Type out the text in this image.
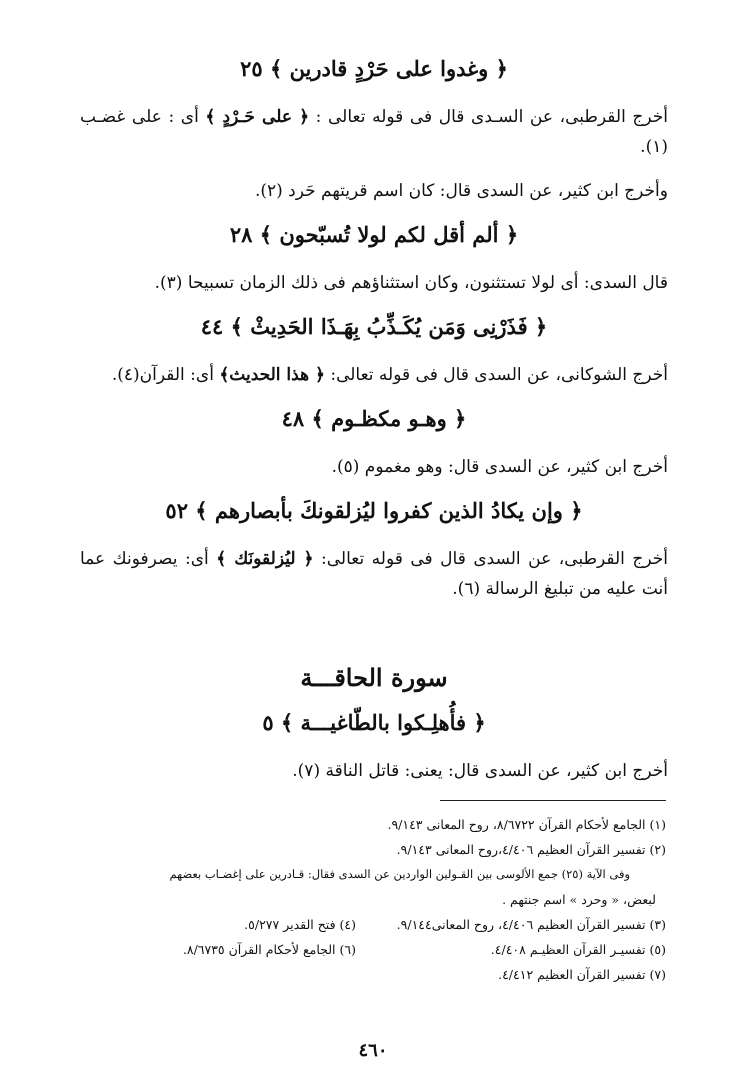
﴿ وغدوا على حَرْدٍ قادرين ﴾ ٢٥

أخرج القرطبى، عن السـدى قال فى قوله تعالى : ﴿ على حَـرْدٍ ﴾ أى : على غضـب (١).

وأخرج ابن كثير، عن السدى قال: كان اسم قريتهم حَرد (٢).

﴿ ألم أقل لكم لولا تُسبّحون ﴾ ٢٨

قال السدى: أى لولا تستثنون، وكان استثناؤهم فى ذلك الزمان تسبيحا (٣).

﴿ فَذَرْنِى وَمَن يُكَـذِّبُ بِهَـذَا الحَدِيثْ ﴾ ٤٤

أخرج الشوكانى، عن السدى قال فى قوله تعالى: ﴿ هذا الحديث﴾ أى: القرآن(٤).

﴿ وهـو مكظـوم ﴾ ٤٨

أخرج ابن كثير، عن السدى قال: وهو مغموم (٥).

﴿ وإن يكادُ الذين كفروا ليُزلقونكَ بأبصارهم ﴾ ٥٢

أخرج القرطبى، عن السدى قال فى قوله تعالى: ﴿ ليُزلقونَك ﴾ أى: يصرفونك عما أنت عليه من تبليغ الرسالة (٦).

سورة الحاقـــة
﴿ فأُهلِـكوا بالطّاغيـــة ﴾ ٥

أخرج ابن كثير، عن السدى قال: يعنى: قاتل الناقة (٧).

(١) الجامع لأحكام القرآن ٨/٦٧٢٢، روح المعانى ٩/١٤٣.
(٢) تفسير القرآن العظيم ٤/٤٠٦،روح المعانى ٩/١٤٣.
وفى الآية (٢٥) جمع الألوسى بين القـولين الواردين عن السدى فقال: قـادرين على إغضـاب بعضهم
لبعض، « وحرد » اسم جنتهم .
(٣) تفسير القرآن العظيم ٤/٤٠٦، روح المعانى٩/١٤٤.
(٤) فتح القدير ٥/٢٧٧.
(٥) تفسيـر القرآن العظيـم ٤/٤٠٨.
(٦) الجامع لأحكام القرآن ٨/٦٧٣٥.
(٧) تفسير القرآن العظيم ٤/٤١٢.
٤٦٠
